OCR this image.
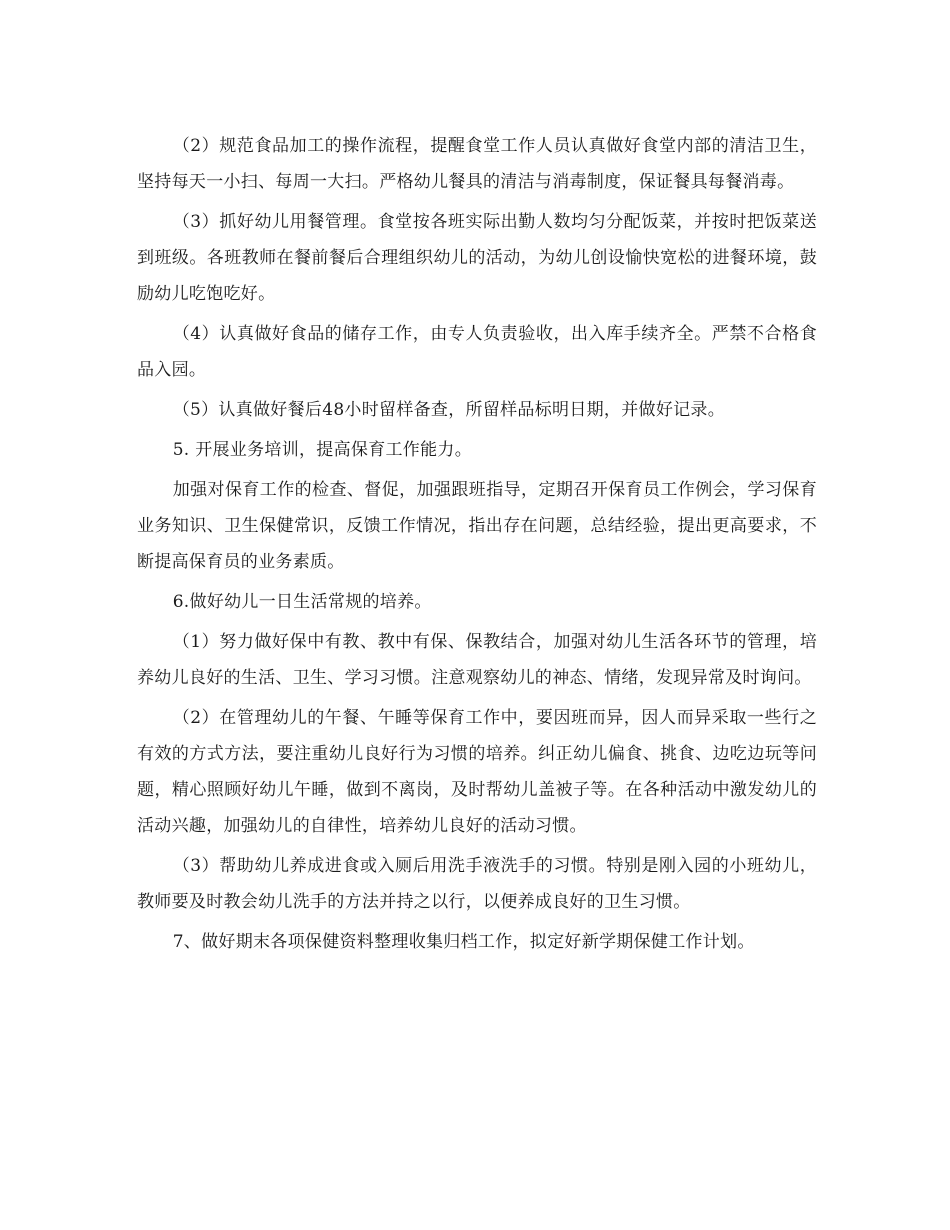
（2）规范食品加工的操作流程，提醒食堂工作人员认真做好食堂内部的清洁卫生，坚持每天一小扫、每周一大扫。严格幼儿餐具的清洁与消毒制度，保证餐具每餐消毒。

（3）抓好幼儿用餐管理。食堂按各班实际出勤人数均匀分配饭菜，并按时把饭菜送到班级。各班教师在餐前餐后合理组织幼儿的活动，为幼儿创设愉快宽松的进餐环境，鼓励幼儿吃饱吃好。

（4）认真做好食品的储存工作，由专人负责验收，出入库手续齐全。严禁不合格食品入园。

（5）认真做好餐后48小时留样备查，所留样品标明日期，并做好记录。

5. 开展业务培训，提高保育工作能力。

加强对保育工作的检查、督促，加强跟班指导，定期召开保育员工作例会，学习保育业务知识、卫生保健常识，反馈工作情况，指出存在问题，总结经验，提出更高要求，不断提高保育员的业务素质。

6.做好幼儿一日生活常规的培养。

（1）努力做好保中有教、教中有保、保教结合，加强对幼儿生活各环节的管理，培养幼儿良好的生活、卫生、学习习惯。注意观察幼儿的神态、情绪，发现异常及时询问。

（2）在管理幼儿的午餐、午睡等保育工作中，要因班而异，因人而异采取一些行之有效的方式方法，要注重幼儿良好行为习惯的培养。纠正幼儿偏食、挑食、边吃边玩等问题，精心照顾好幼儿午睡，做到不离岗，及时帮幼儿盖被子等。在各种活动中激发幼儿的活动兴趣，加强幼儿的自律性，培养幼儿良好的活动习惯。

（3）帮助幼儿养成进食或入厕后用洗手液洗手的习惯。特别是刚入园的小班幼儿，教师要及时教会幼儿洗手的方法并持之以行，以便养成良好的卫生习惯。

7、做好期末各项保健资料整理收集归档工作，拟定好新学期保健工作计划。
